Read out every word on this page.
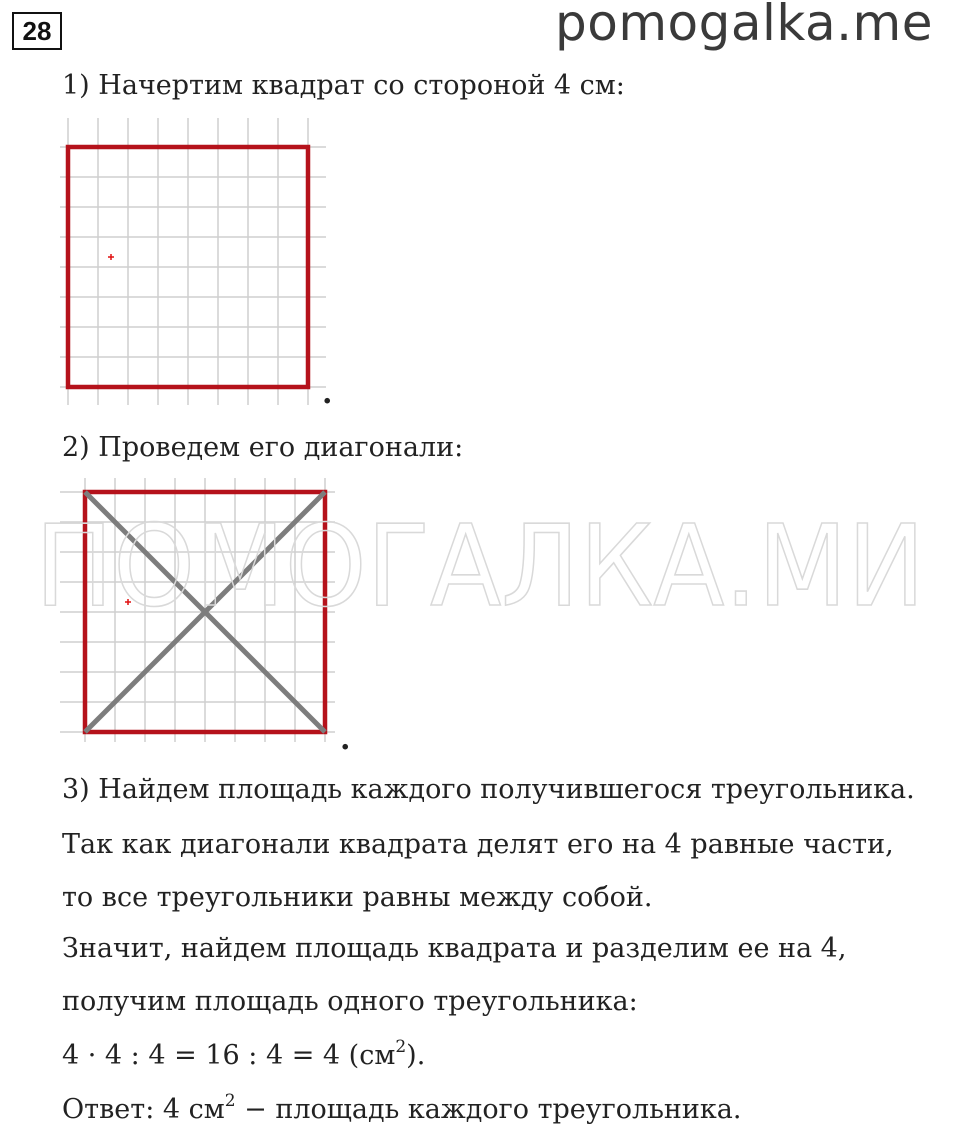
28	pomogalka.me
1) Начертим квадрат со стороной 4 см:
.
2) Проведем его диагонали:
.
ПОМОГАЛКА.МИ
3) Найдем площадь каждого получившегося треугольника.
Так как диагонали квадрата делят его на 4 равные части,
то все треугольники равны между собой.
Значит, найдем площадь квадрата и разделим ее на 4,
получим площадь одного треугольника:
4 · 4 : 4 = 16 : 4 = 4 $(см^2)$.
Ответ: 4 $см^2$ − площадь каждого треугольника.
